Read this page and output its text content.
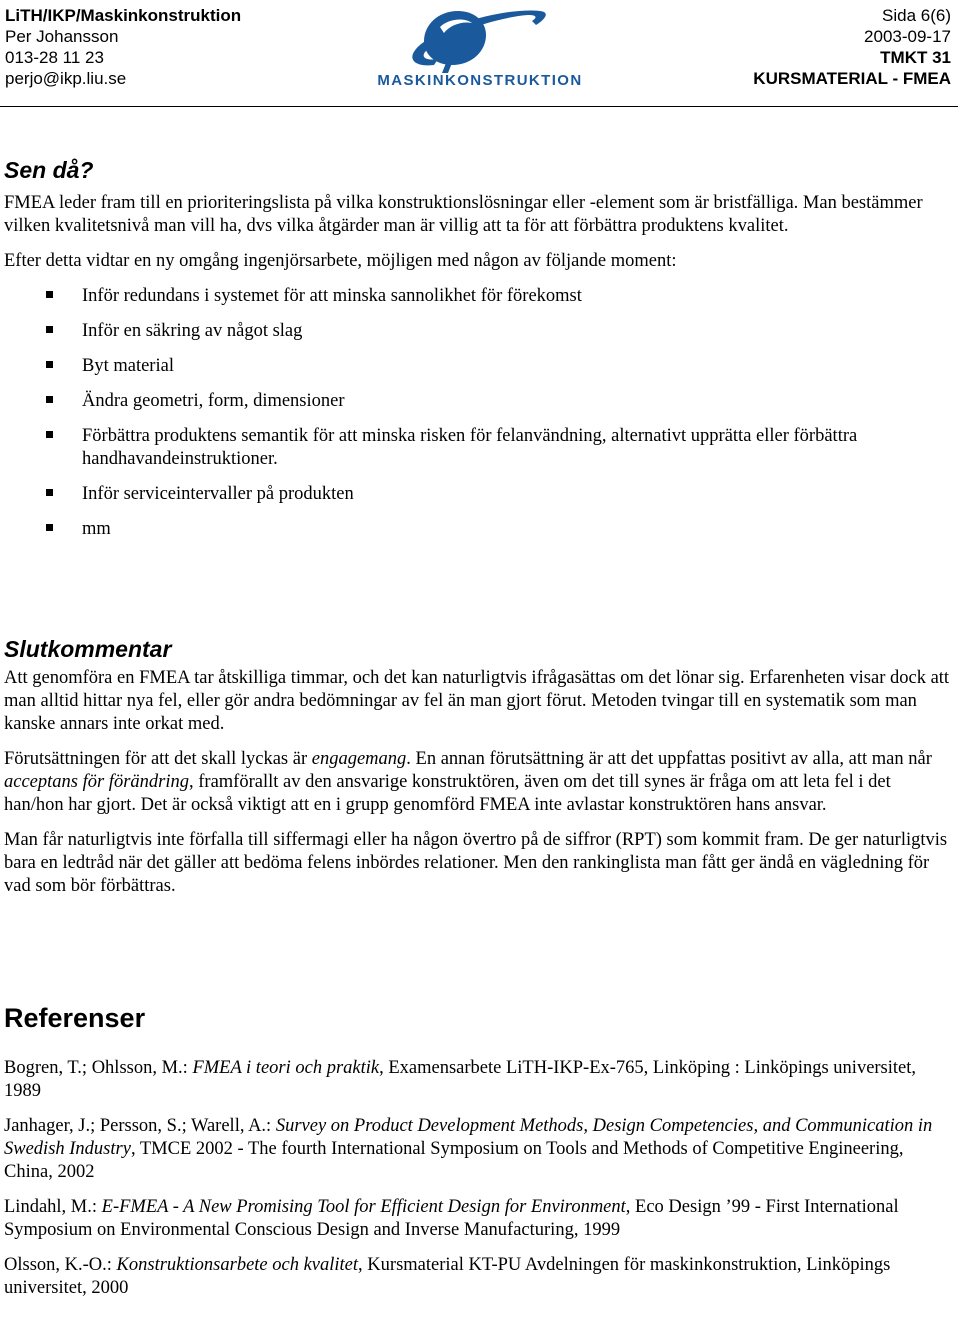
LiTH/IKP/Maskinkonstruktion
Per Johansson
013-28 11 23
perjo@ikp.liu.se	MASKINKONSTRUKTION
Sida 6(6)
2003-09-17
TMKT 31
KURSMATERIAL - FMEA
Sen då?

FMEA leder fram till en prioriteringslista på vilka konstruktionslösningar eller -element som är bristfälliga. Man bestämmer vilken kvalitetsnivå man vill ha, dvs vilka åtgärder man är villig att ta för att förbättra produktens kvalitet.

Efter detta vidtar en ny omgång ingenjörsarbete, möjligen med någon av följande moment:

Inför redundans i systemet för att minska sannolikhet för förekomst
Inför en säkring av något slag
Byt material
Ändra geometri, form, dimensioner
Förbättra produktens semantik för att minska risken för felanvändning, alternativt upprätta eller förbättra handhavandeinstruktioner.
Inför serviceintervaller på produkten
mm
Slutkommentar

Att genomföra en FMEA tar åtskilliga timmar, och det kan naturligtvis ifrågasättas om det lönar sig. Erfarenheten visar dock att man alltid hittar nya fel, eller gör andra bedömningar av fel än man gjort förut. Metoden tvingar till en systematik som man kanske annars inte orkat med.

Förutsättningen för att det skall lyckas är engagemang. En annan förutsättning är att det uppfattas positivt av alla, att man når acceptans för förändring, framförallt av den ansvarige konstruktören, även om det till synes är fråga om att leta fel i det han/hon har gjort. Det är också viktigt att en i grupp genomförd FMEA inte avlastar konstruktören hans ansvar.

Man får naturligtvis inte förfalla till siffermagi eller ha någon övertro på de siffror (RPT) som kommit fram. De ger naturligtvis bara en ledtråd när det gäller att bedöma felens inbördes relationer. Men den rankinglista man fått ger ändå en vägledning för vad som bör förbättras.

Referenser

Bogren, T.; Ohlsson, M.: FMEA i teori och praktik, Examensarbete LiTH-IKP-Ex-765, Linköping : Linköpings universitet, 1989

Janhager, J.; Persson, S.; Warell, A.: Survey on Product Development Methods, Design Competencies, and Communication in Swedish Industry, TMCE 2002 - The fourth International Symposium on Tools and Methods of Competitive Engineering, China, 2002

Lindahl, M.: E-FMEA - A New Promising Tool for Efficient Design for Environment, Eco Design ’99 - First International Symposium on Environmental Conscious Design and Inverse Manufacturing, 1999

Olsson, K.-O.: Konstruktionsarbete och kvalitet, Kursmaterial KT-PU Avdelningen för maskinkonstruktion, Linköpings universitet, 2000
